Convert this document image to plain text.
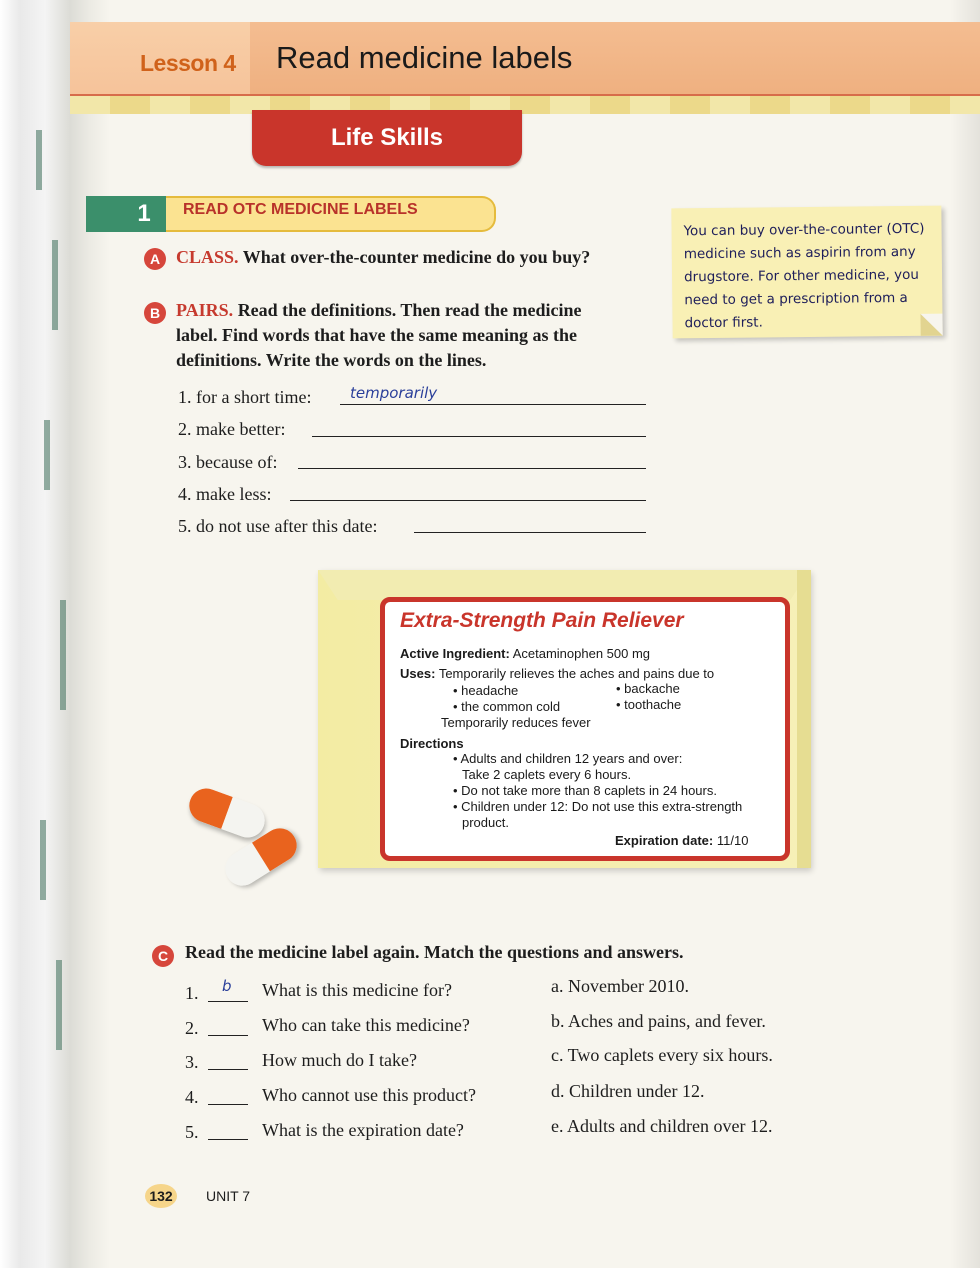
Lesson 4 Read medicine labels
Life Skills
1 READ OTC MEDICINE LABELS
A CLASS. What over-the-counter medicine do you buy?
B PAIRS. Read the definitions. Then read the medicine
label. Find words that have the same meaning as the
definitions. Write the words on the lines.
1. for a short time:	temporarily
2. make better:
3. because of:
4. make less:
5. do not use after this date:
You can buy over-the-counter (OTC) medicine such as aspirin from any drugstore. For other medicine, you need to get a prescription from a doctor first.
Extra-Strength Pain Reliever
Active Ingredient: Acetaminophen 500 mg
Uses: Temporarily relieves the aches and pains due to
• headache
• the common cold
• backache
• toothache
Temporarily reduces fever
Directions
• Adults and children 12 years and over:
Take 2 caplets every 6 hours.
• Do not take more than 8 caplets in 24 hours.
• Children under 12: Do not use this extra-strength
product.
Expiration date: 11/10
C Read the medicine label again. Match the questions and answers.
1. b What is this medicine for?
2.	Who can take this medicine?
3.	How much do I take?
4.	Who cannot use this product?
5.	What is the expiration date?
a. November 2010.
b. Aches and pains, and fever.
c. Two caplets every six hours.
d. Children under 12.
e. Adults and children over 12.
132	UNIT 7
